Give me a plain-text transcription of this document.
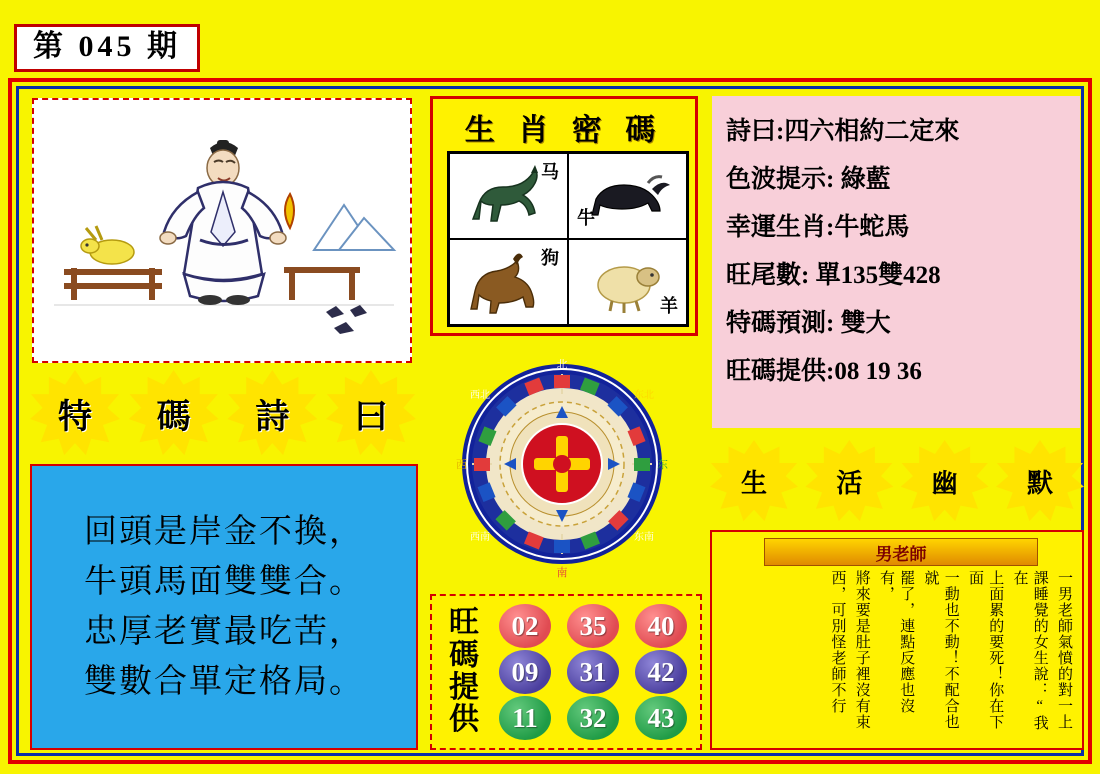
第 045 期
特	碼	詩	曰
回頭是岸金不換，
牛頭馬面雙雙合。
忠厚老實最吃苦，
雙數合單定格局。
生 肖 密 碼
马
牛
狗
羊
北
南
西	东
西北	东北
西南	东南
旺
碼
提
供
02	35	40
09	31	42
11	32	43
詩曰:四六相約二定來
色波提示: 綠藍
幸運生肖:牛蛇馬
旺尾數: 單135雙428
特碼預測: 雙大
旺碼提供:08 19 36
生	活	幽	默
男老師
一男老師氣憤的對一上
課睡覺的女生說：“我在
上面累的要死！你在下面
一動也不動！不配合也就
罷了，連點反應也沒有，
將來要是肚子裡沒有束
西，可別怪老師不行
